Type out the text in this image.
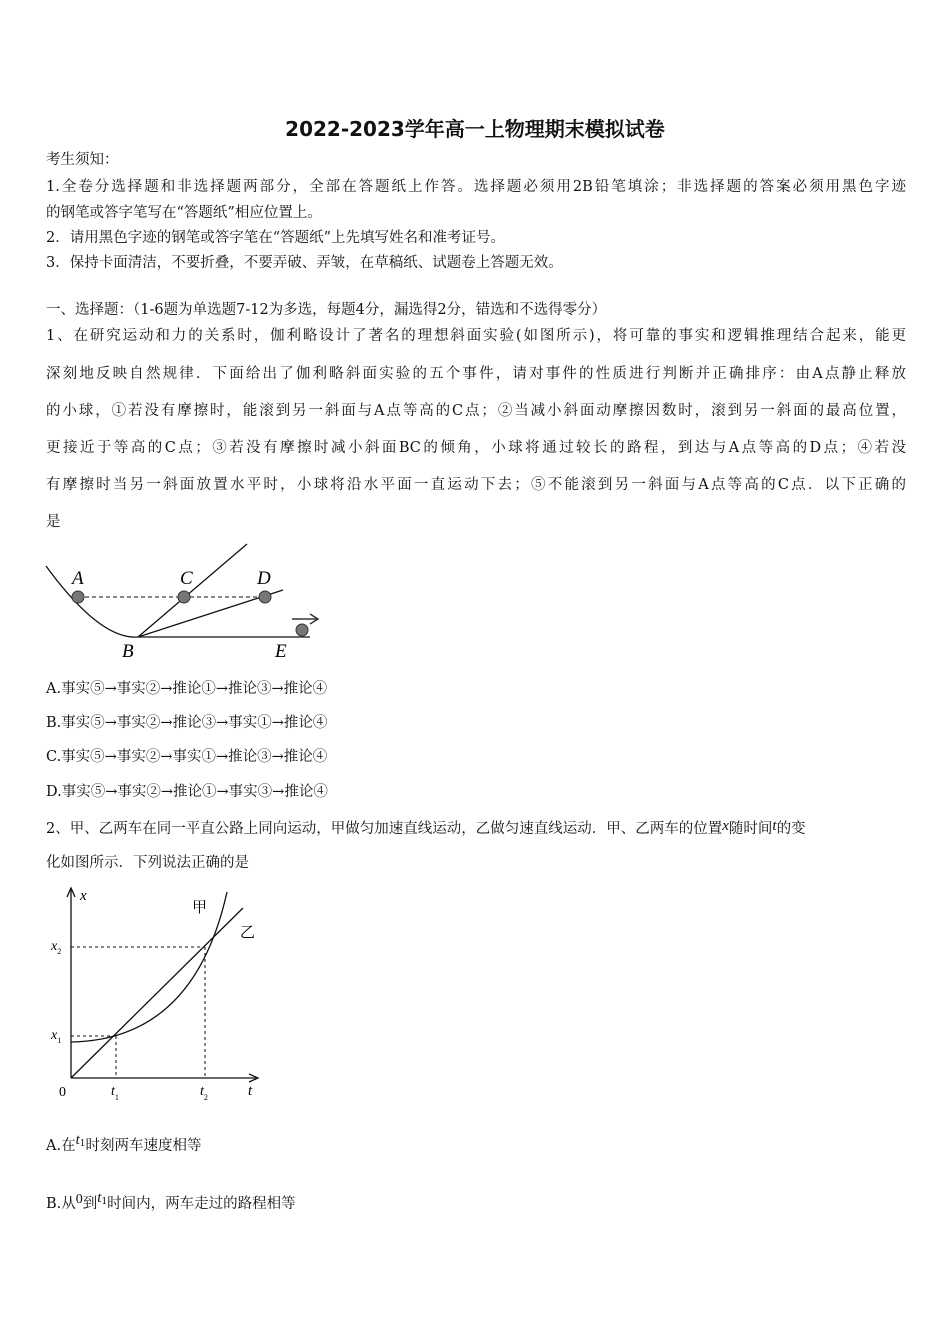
2022-2023学年高一上物理期末模拟试卷
考生须知：
1.全卷分选择题和非选择题两部分，全部在答题纸上作答。选择题必须用2B铅笔填涂；非选择题的答案必须用黑色字迹
的钢笔或答字笔写在“答题纸”相应位置上。
2．请用黑色字迹的钢笔或答字笔在“答题纸”上先填写姓名和准考证号。
3．保持卡面清洁，不要折叠，不要弄破、弄皱，在草稿纸、试题卷上答题无效。
一、选择题：（1-6题为单选题7-12为多选，每题4分，漏选得2分，错选和不选得零分）
1、在研究运动和力的关系时，伽利略设计了著名的理想斜面实验(如图所示)，将可靠的事实和逻辑推理结合起来，能更
深刻地反映自然规律．下面给出了伽利略斜面实验的五个事件，请对事件的性质进行判断并正确排序：由A点静止释放
的小球，①若没有摩擦时，能滚到另一斜面与A点等高的C点；②当减小斜面动摩擦因数时，滚到另一斜面的最高位置，
更接近于等高的C点；③若没有摩擦时减小斜面BC的倾角，小球将通过较长的路程，到达与A点等高的D点；④若没
有摩擦时当另一斜面放置水平时，小球将沿水平面一直运动下去；⑤不能滚到另一斜面与A点等高的C点．以下正确的
是
A	C	D
B	E
A.事实⑤→事实②→推论①→推论③→推论④
B.事实⑤→事实②→推论③→事实①→推论④
C.事实⑤→事实②→事实①→推论③→推论④
D.事实⑤→事实②→推论①→事实③→推论④
2、甲、乙两车在同一平直公路上同向运动，甲做匀加速直线运动，乙做匀速直线运动．甲、乙两车的位置x随时间t的变
化如图所示．下列说法正确的是
x
t
0
甲
乙
$x_1$
$x_2$
$t_1$	$t_2$
A.在$t^1$时刻两车速度相等
B.从0到$t^1$时间内，两车走过的路程相等
